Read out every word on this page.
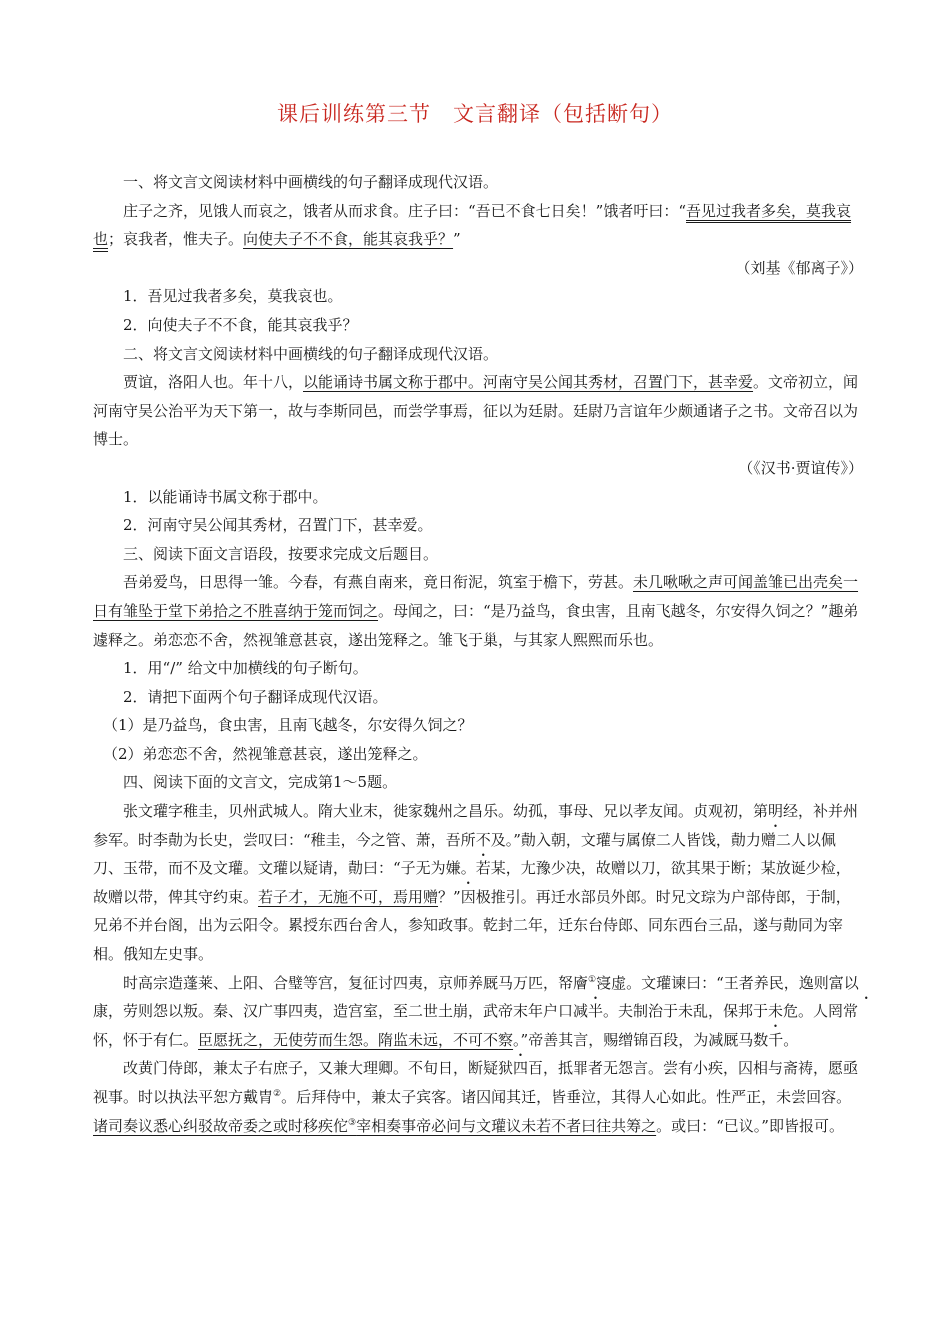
课后训练第三节 文言翻译（包括断句）

一、将文言文阅读材料中画横线的句子翻译成现代汉语。

庄子之齐，见饿人而哀之，饿者从而求食。庄子曰：“吾已不食七日矣！”饿者吁曰：“吾见过我者多矣，莫我哀也；哀我者，惟夫子。向使夫子不不食，能其哀我乎？”

（刘基《郁离子》）

1．吾见过我者多矣，莫我哀也。

2．向使夫子不不食，能其哀我乎？

二、将文言文阅读材料中画横线的句子翻译成现代汉语。

贾谊，洛阳人也。年十八，以能诵诗书属文称于郡中。河南守吴公闻其秀材，召置门下，甚幸爱。文帝初立，闻河南守吴公治平为天下第一，故与李斯同邑，而尝学事焉，征以为廷尉。廷尉乃言谊年少颇通诸子之书。文帝召以为博士。

（《汉书·贾谊传》）

1．以能诵诗书属文称于郡中。

2．河南守吴公闻其秀材，召置门下，甚幸爱。

三、阅读下面文言语段，按要求完成文后题目。

吾弟爱鸟，日思得一雏。今春，有燕自南来，竟日衔泥，筑室于檐下，劳甚。未几啾啾之声可闻盖雏已出壳矣一日有雏坠于堂下弟拾之不胜喜纳于笼而饲之。母闻之，曰：“是乃益鸟，食虫害，且南飞越冬，尔安得久饲之？”趣弟遽释之。弟恋恋不舍，然视雏意甚哀，遂出笼释之。雏飞于巢，与其家人熙熙而乐也。

1．用“/” 给文中加横线的句子断句。

2．请把下面两个句子翻译成现代汉语。

（1）是乃益鸟，食虫害，且南飞越冬，尔安得久饲之？

（2）弟恋恋不舍，然视雏意甚哀，遂出笼释之。

四、阅读下面的文言文，完成第1～5题。

张文瓘字稚圭，贝州武城人。隋大业末，徙家魏州之昌乐。幼孤，事母、兄以孝友闻。贞观初，第明经，补并州参军。时李勣为长史，尝叹曰：“稚圭，今之管、萧，吾所不及。”勣入朝，文瓘与属僚二人皆饯，勣力赠二人以佩刀、玉带，而不及文瓘。文瓘以疑请，勣曰：“子无为嫌。若某，尢豫少决，故赠以刀，欲其果于断；某放诞少检，故赠以带，俾其守约束。若子才，无施不可，焉用赠？”因极推引。再迁水部员外郎。时兄文琮为户部侍郎，于制，兄弟不并台阁，出为云阳令。累授东西台舍人，参知政事。乾封二年，迁东台侍郎、同东西台三品，遂与勣同为宰相。俄知左史事。

时高宗造蓬莱、上阳、合璧等宫，复征讨四夷，京师养厩马万匹，帑廥①寖虚。文瓘谏曰：“王者养民，逸则富以康，劳则怨以叛。秦、汉广事四夷，造宫室，至二世土崩，武帝末年户口减半。夫制治于未乱，保邦于未危。人罔常怀，怀于有仁。臣愿抚之，无使劳而生怨。隋监未远，不可不察。”帝善其言，赐缯锦百段，为减厩马数千。

改黄门侍郎，兼太子右庶子，又兼大理卿。不旬日，断疑狱四百，抵罪者无怨言。尝有小疾，囚相与斋祷，愿亟视事。时以执法平恕方戴胄②。后拜侍中，兼太子宾客。诸囚闻其迁，皆垂泣，其得人心如此。性严正，未尝回容。诸司奏议悉心纠驳故帝委之或时移疾佗③宰相奏事帝必问与文瓘议未若不者曰往共筹之。或曰：“已议。”即皆报可。
